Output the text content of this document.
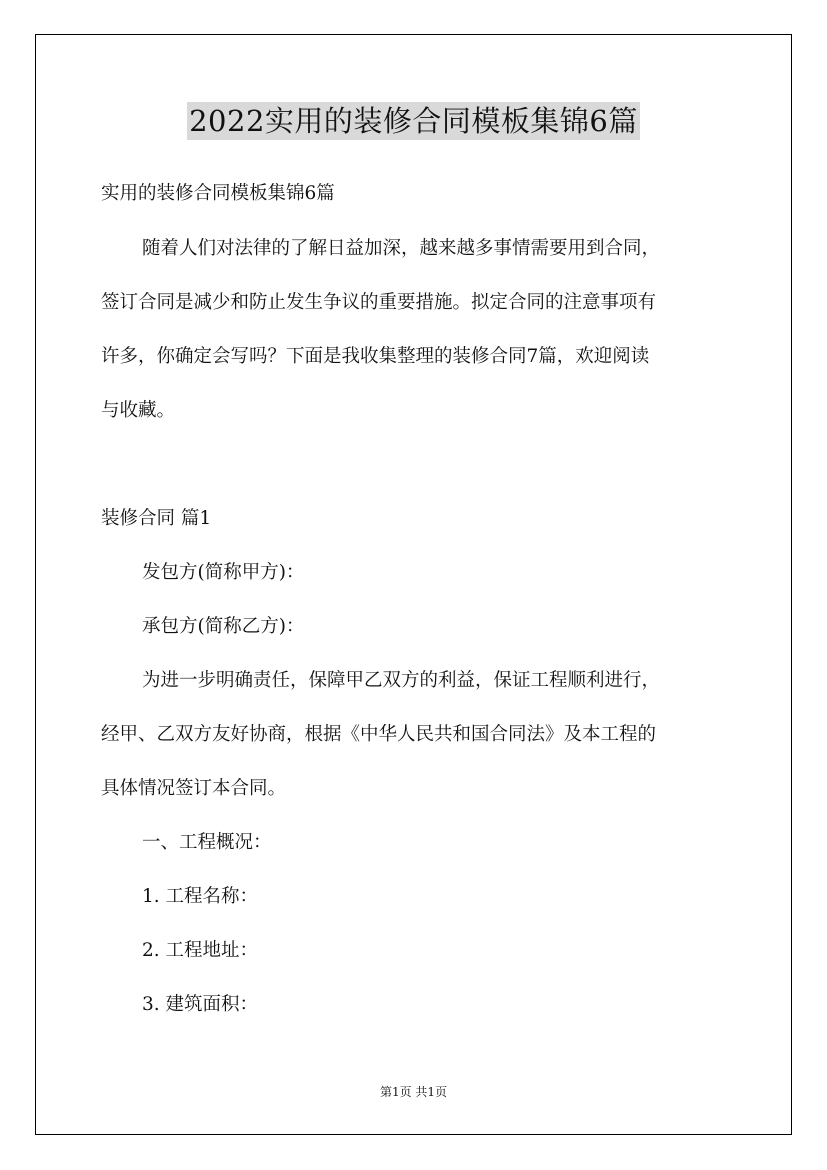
2022实用的装修合同模板集锦6篇
实用的装修合同模板集锦6篇
随着人们对法律的了解日益加深，越来越多事情需要用到合同，
签订合同是减少和防止发生争议的重要措施。拟定合同的注意事项有
许多，你确定会写吗？下面是我收集整理的装修合同7篇，欢迎阅读
与收藏。
装修合同 篇1
发包方(简称甲方)：
承包方(简称乙方)：
为进一步明确责任，保障甲乙双方的利益，保证工程顺利进行，
经甲、乙双方友好协商，根据《中华人民共和国合同法》及本工程的
具体情况签订本合同。
一、工程概况：
1. 工程名称：
2. 工程地址：
3. 建筑面积：
第1页 共1页
